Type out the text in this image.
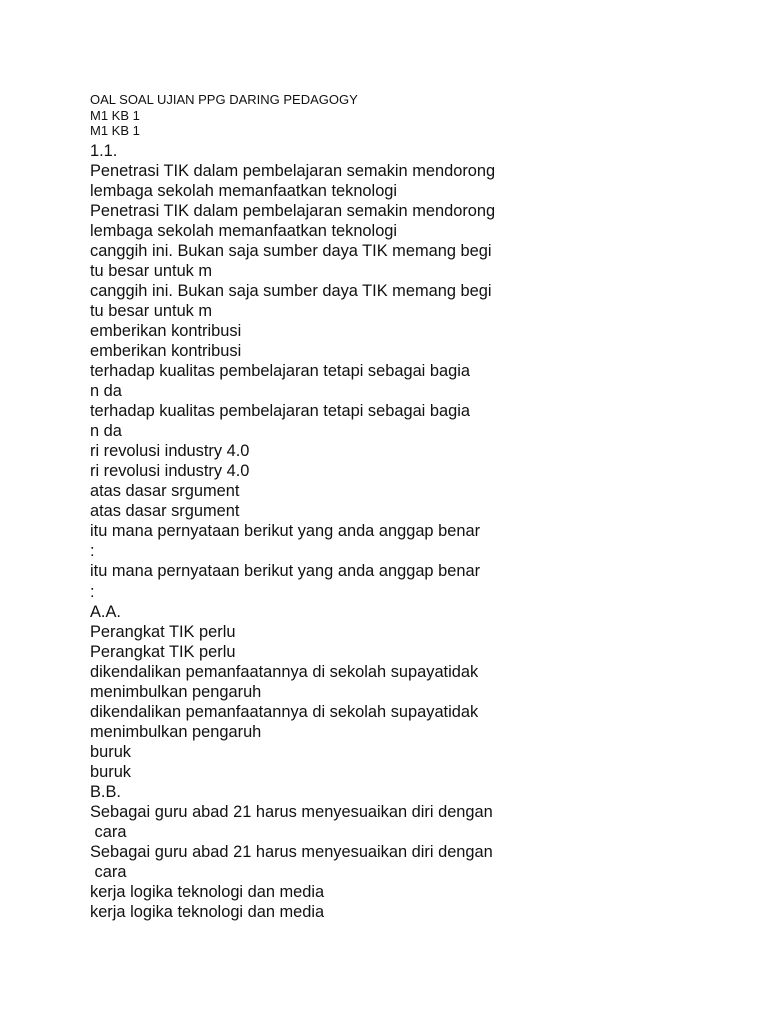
OAL SOAL UJIAN PPG DARING PEDAGOGY
M1 KB 1
M1 KB 1
1.1.
Penetrasi TIK dalam pembelajaran semakin mendorong
lembaga sekolah memanfaatkan teknologi
Penetrasi TIK dalam pembelajaran semakin mendorong
lembaga sekolah memanfaatkan teknologi
canggih ini. Bukan saja sumber daya TIK memang begi
tu besar untuk m
canggih ini. Bukan saja sumber daya TIK memang begi
tu besar untuk m
emberikan kontribusi
emberikan kontribusi
terhadap kualitas pembelajaran tetapi sebagai bagia
n da
terhadap kualitas pembelajaran tetapi sebagai bagia
n da
ri revolusi industry 4.0
ri revolusi industry 4.0
atas dasar srgument
atas dasar srgument
itu mana pernyataan berikut yang anda anggap benar
:
itu mana pernyataan berikut yang anda anggap benar
:
A.A.
Perangkat TIK perlu
Perangkat TIK perlu
dikendalikan pemanfaatannya di sekolah supayatidak
menimbulkan pengaruh
dikendalikan pemanfaatannya di sekolah supayatidak
menimbulkan pengaruh
buruk
buruk
B.B.
Sebagai guru abad 21 harus menyesuaikan diri dengan
cara
Sebagai guru abad 21 harus menyesuaikan diri dengan
cara
kerja logika teknologi dan media
kerja logika teknologi dan media
